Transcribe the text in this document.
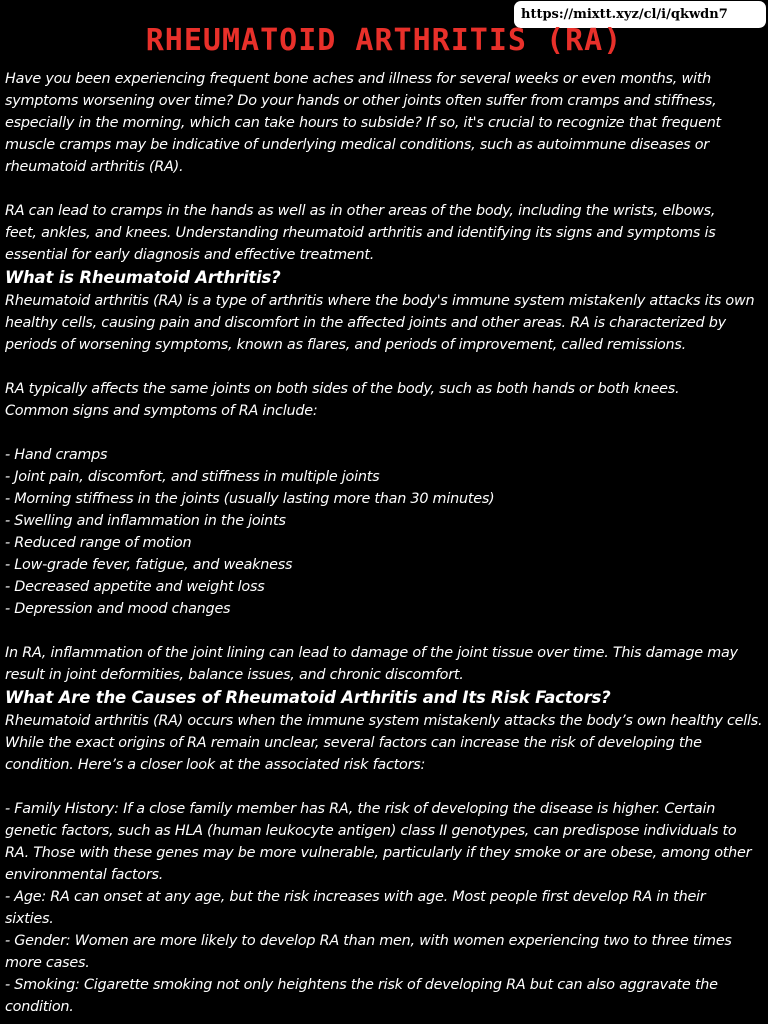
https://mixtt.xyz/cl/i/qkwdn7
RHEUMATOID ARTHRITIS (RA)

Have you been experiencing frequent bone aches and illness for several weeks or even months, with

symptoms worsening over time? Do your hands or other joints often suffer from cramps and stiffness,

especially in the morning, which can take hours to subside? If so, it's crucial to recognize that frequent

muscle cramps may be indicative of underlying medical conditions, such as autoimmune diseases or

rheumatoid arthritis (RA).

RA can lead to cramps in the hands as well as in other areas of the body, including the wrists, elbows,

feet, ankles, and knees. Understanding rheumatoid arthritis and identifying its signs and symptoms is

essential for early diagnosis and effective treatment.

What is Rheumatoid Arthritis?

Rheumatoid arthritis (RA) is a type of arthritis where the body's immune system mistakenly attacks its own

healthy cells, causing pain and discomfort in the affected joints and other areas. RA is characterized by

periods of worsening symptoms, known as flares, and periods of improvement, called remissions.

RA typically affects the same joints on both sides of the body, such as both hands or both knees.

Common signs and symptoms of RA include:

- Hand cramps

- Joint pain, discomfort, and stiffness in multiple joints

- Morning stiffness in the joints (usually lasting more than 30 minutes)

- Swelling and inflammation in the joints

- Reduced range of motion

- Low-grade fever, fatigue, and weakness

- Decreased appetite and weight loss

- Depression and mood changes

In RA, inflammation of the joint lining can lead to damage of the joint tissue over time. This damage may

result in joint deformities, balance issues, and chronic discomfort.

What Are the Causes of Rheumatoid Arthritis and Its Risk Factors?

Rheumatoid arthritis (RA) occurs when the immune system mistakenly attacks the body’s own healthy cells.

While the exact origins of RA remain unclear, several factors can increase the risk of developing the

condition. Here’s a closer look at the associated risk factors:

- Family History: If a close family member has RA, the risk of developing the disease is higher. Certain

genetic factors, such as HLA (human leukocyte antigen) class II genotypes, can predispose individuals to

RA. Those with these genes may be more vulnerable, particularly if they smoke or are obese, among other

environmental factors.

- Age: RA can onset at any age, but the risk increases with age. Most people first develop RA in their

sixties.

- Gender: Women are more likely to develop RA than men, with women experiencing two to three times

more cases.

- Smoking: Cigarette smoking not only heightens the risk of developing RA but can also aggravate the

condition.
